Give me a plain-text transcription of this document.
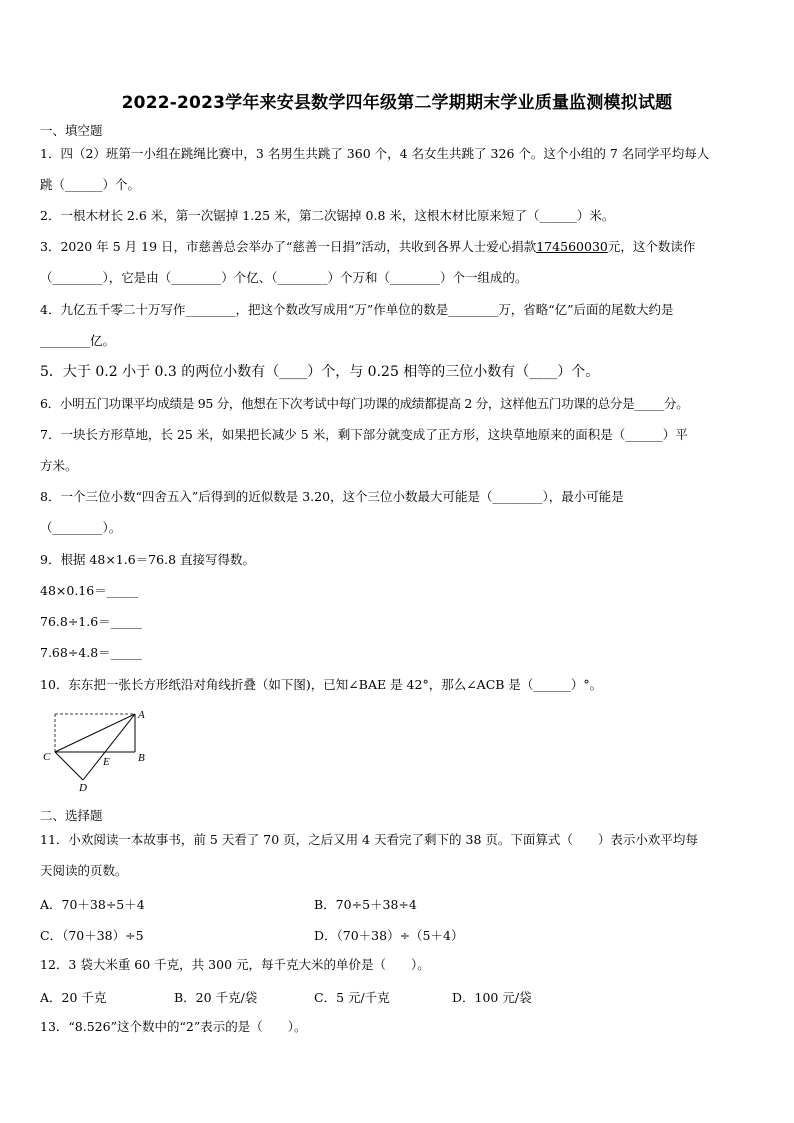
2022-2023学年来安县数学四年级第二学期期末学业质量监测模拟试题
一、填空题
1．四（2）班第一小组在跳绳比赛中，3 名男生共跳了 360 个，4 名女生共跳了 326 个。这个小组的 7 名同学平均每人
跳（______）个。
2．一根木材长 2.6 米，第一次锯掉 1.25 米，第二次锯掉 0.8 米，这根木材比原来短了（______）米。
3．2020 年 5 月 19 日，市慈善总会举办了“慈善一日捐”活动，共收到各界人士爱心捐款174560030元，这个数读作
（________），它是由（________）个亿、（________）个万和（________）个一组成的。
4．九亿五千零二十万写作________，把这个数改写成用“万”作单位的数是________万，省略“亿”后面的尾数大约是
________亿。
5．大于 0.2 小于 0.3 的两位小数有（____）个，与 0.25 相等的三位小数有（____）个。
6．小明五门功课平均成绩是 95 分，他想在下次考试中每门功课的成绩都提高 2 分，这样他五门功课的总分是_____分。
7．一块长方形草地，长 25 米，如果把长减少 5 米，剩下部分就变成了正方形，这块草地原来的面积是（______）平
方米。
8．一个三位小数“四舍五入”后得到的近似数是 3.20，这个三位小数最大可能是（________），最小可能是
（________）。
9．根据 48×1.6＝76.8 直接写得数。
48×0.16＝_____
76.8÷1.6＝_____
7.68÷4.8＝_____
10．东东把一张长方形纸沿对角线折叠（如下图)，已知∠BAE 是 42°，那么∠ACB 是（______）°。
A
B
C
D
E
二、选择题
11．小欢阅读一本故事书，前 5 天看了 70 页，之后又用 4 天看完了剩下的 38 页。下面算式（　　）表示小欢平均每
天阅读的页数。
A．70＋38÷5＋4	B．70÷5＋38÷4
C．（70＋38）÷5	D．（70＋38）÷（5＋4）
12．3 袋大米重 60 千克，共 300 元，每千克大米的单价是（　　）。
A．20 千克	B．20 千克/袋	C．5 元/千克	D．100 元/袋
13．“8.526”这个数中的“2”表示的是（　　）。
